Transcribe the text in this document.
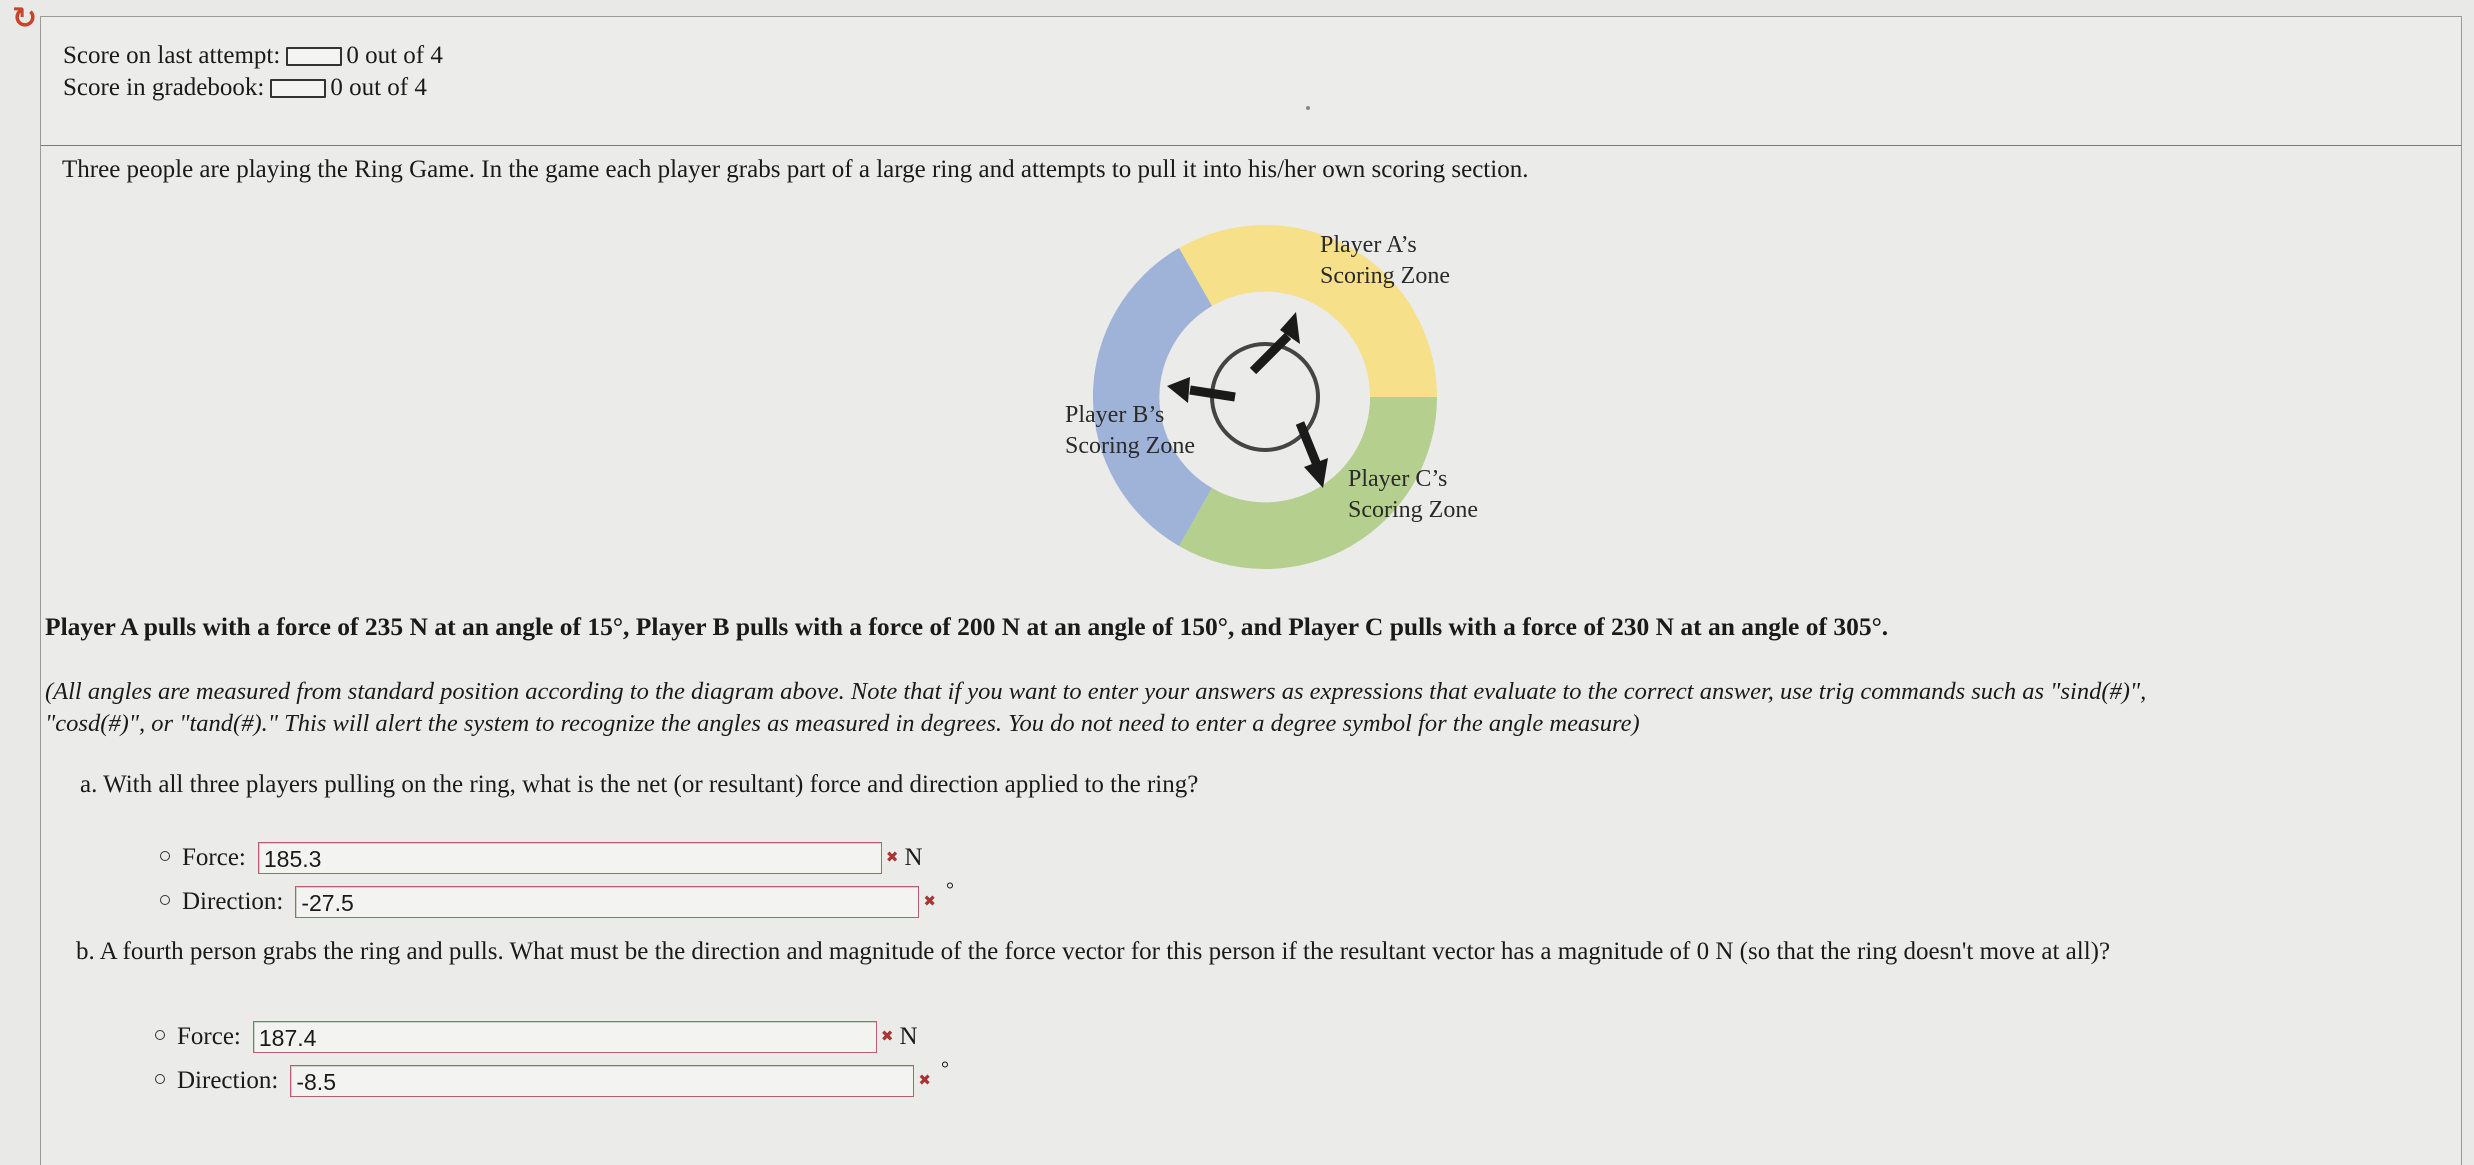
↻
Score on last attempt:	0 out of 4
Score in gradebook:	0 out of 4
Three people are playing the Ring Game. In the game each player grabs part of a large ring and attempts to pull it into his/her own scoring section.
Player A’s
Scoring Zone
Player B’s
Scoring Zone
Player C’s
Scoring Zone
Player A pulls with a force of 235 N at an angle of 15°, Player B pulls with a force of 200 N at an angle of 150°, and Player C pulls with a force of 230 N at an angle of 305°.
(All angles are measured from standard position according to the diagram above. Note that if you want to enter your answers as expressions that evaluate to the correct answer, use trig commands such as "sind(#)",
"cosd(#)", or "tand(#)." This will alert the system to recognize the angles as measured in degrees. You do not need to enter a degree symbol for the angle measure)
a. With all three players pulling on the ring, what is the net (or resultant) force and direction applied to the ring?
Force: 185.3	✖ N
Direction: -27.5	✖
°
b. A fourth person grabs the ring and pulls. What must be the direction and magnitude of the force vector for this person if the resultant vector has a magnitude of 0 N (so that the ring doesn't move at all)?
Force: 187.4	✖ N
Direction: -8.5	✖
°
